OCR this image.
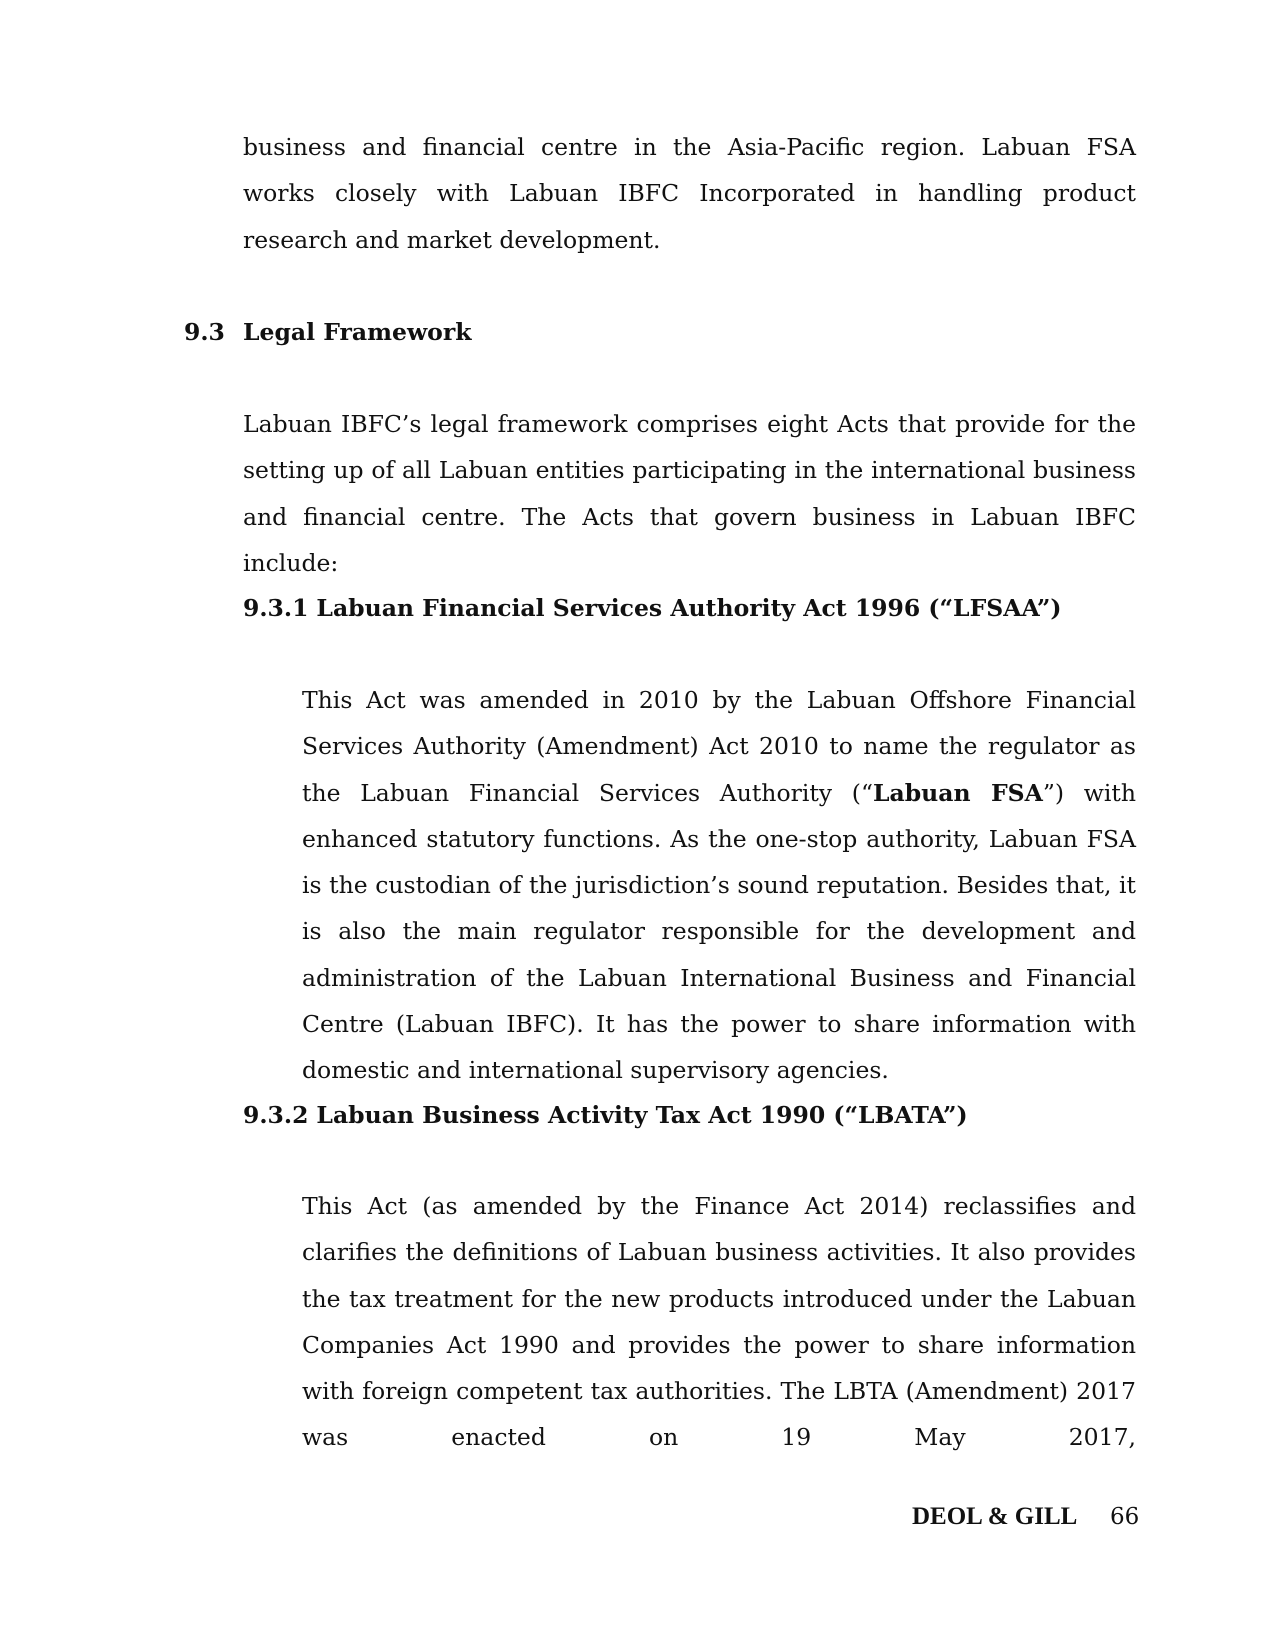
business and financial centre in the Asia-Pacific region. Labuan FSA works closely with Labuan IBFC Incorporated in handling product research and market development.

9.3 Legal Framework

Labuan IBFC’s legal framework comprises eight Acts that provide for the setting up of all Labuan entities participating in the international business and financial centre. The Acts that govern business in Labuan IBFC include:

9.3.1 Labuan Financial Services Authority Act 1996 (“LFSAA”)

This Act was amended in 2010 by the Labuan Offshore Financial Services Authority (Amendment) Act 2010 to name the regulator as the Labuan Financial Services Authority (“Labuan FSA”) with enhanced statutory functions. As the one-stop authority, Labuan FSA is the custodian of the jurisdiction’s sound reputation. Besides that, it is also the main regulator responsible for the development and administration of the Labuan International Business and Financial Centre (Labuan IBFC). It has the power to share information with domestic and international supervisory agencies.

9.3.2 Labuan Business Activity Tax Act 1990 (“LBATA”)

This Act (as amended by the Finance Act 2014) reclassifies and clarifies the definitions of Labuan business activities. It also provides the tax treatment for the new products introduced under the Labuan Companies Act 1990 and provides the power to share information with foreign competent tax authorities. The LBTA (Amendment) 2017 was enacted on 19 May 2017,

DEOL & GILL 66
